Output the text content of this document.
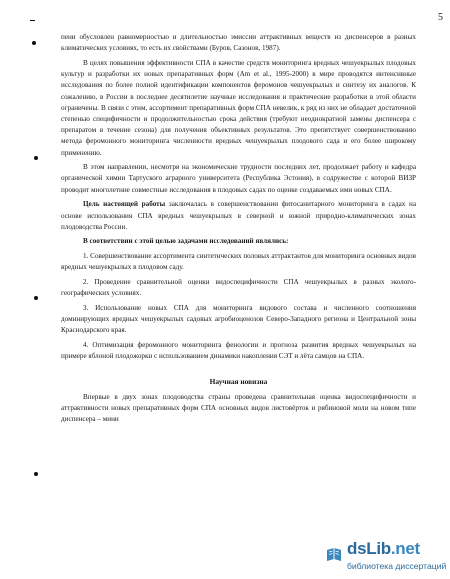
5

пени обусловлен равномерностью и длительностью эмиссии аттрактивных веществ из диспенсеров в разных климатических условиях, то есть их свойствами (Буров, Сазонов, 1987).

В целях повышения эффективности СПА в качестве средств мониторинга вредных чешуекрылых плодовых культур и разработки их новых препаративных форм (Am et al., 1995-2000) в мире проводятся интенсивные исследования по более полной идентификации компонентов феромонов чешуекрылых и синтезу их аналогов. К сожалению, в России в последнее десятилетие научные исследования и практические разработки в этой области ограничены. В связи с этим, ассортимент препаративных форм СПА невелик, к ряд из них не обладает достаточной степенью специфичности и продолжительностью срока действия (требуют неоднократной замены диспенсера с препаратом в течение сезона) для получения объективных результатов. Это препятствует совершенствованию метода феромонного мониторинга численности вредных чешуекрылых плодового сада и его более широкому применению.

В этом направлении, несмотря на экономические трудности последних лет, продолжает работу и кафедра органической химии Тартуского аграрного университета (Республика Эстония), в содружестве с которой ВИЗР проводит многолетние совместные исследования в плодовых садах по оценке создаваемых ими новых СПА.

Цель настоящей работы заключалась в совершенствовании фитосанитарного мониторинга в садах на основе использования СПА вредных чешуекрылых в северной и южной природно-климатических зонах плодоводства России.

В соответствии с этой целью задачами исследований являлись:

1. Совершенствование ассортимента синтетических половых аттрактантов для мониторинга основных видов вредных чешуекрылых в плодовом саду.

2. Проведение сравнительной оценки видоспецифичности СПА чешуекрылых в разных эколого-географических условиях.

3. Использование новых СПА для мониторинга видового состава и численного соотношения доминирующих вредных чешуекрылых садовых агробиоценозов Северо-Западного региона и Центральной зоны Краснодарского края.

4. Оптимизация феромонного мониторинга фенологии и прогноза развития вредных чешуекрылых на примере яблоной плодожорки с использованием динамики накопления СЭТ и лёта самцов на СПА.

Научная новизна

Впервые в двух зонах плодоводства страны проведена сравнительная оценка видоспецифичности и аттрактивности новых препаративных форм СПА основных видов листовёрток и рябиновой моли на новом типе диспенсера – мини

dsLib.net
библиотека диссертаций
